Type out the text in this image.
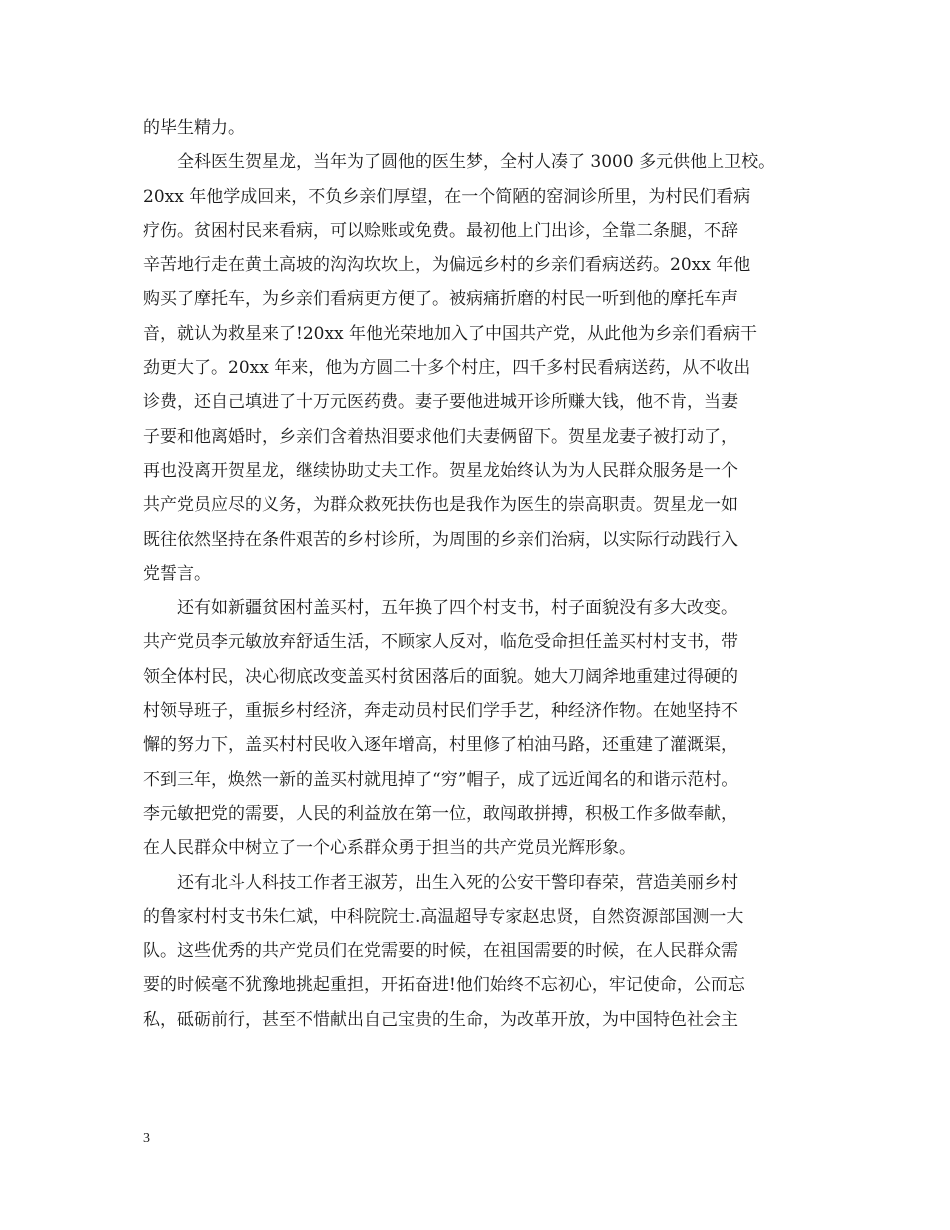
的毕生精力。
全科医生贺星龙，当年为了圆他的医生梦，全村人凑了 3000 多元供他上卫校。
20xx 年他学成回来，不负乡亲们厚望，在一个简陋的窑洞诊所里，为村民们看病
疗伤。贫困村民来看病，可以赊账或免费。最初他上门出诊，全靠二条腿，不辞
辛苦地行走在黄土高坡的沟沟坎坎上，为偏远乡村的乡亲们看病送药。20xx 年他
购买了摩托车，为乡亲们看病更方便了。被病痛折磨的村民一听到他的摩托车声
音，就认为救星来了!20xx 年他光荣地加入了中国共产党，从此他为乡亲们看病干
劲更大了。20xx 年来，他为方圆二十多个村庄，四千多村民看病送药，从不收出
诊费，还自己填进了十万元医药费。妻子要他进城开诊所赚大钱，他不肯，当妻
子要和他离婚时，乡亲们含着热泪要求他们夫妻俩留下。贺星龙妻子被打动了，
再也没离开贺星龙，继续协助丈夫工作。贺星龙始终认为为人民群众服务是一个
共产党员应尽的义务，为群众救死扶伤也是我作为医生的崇高职责。贺星龙一如
既往依然坚持在条件艰苦的乡村诊所，为周围的乡亲们治病，以实际行动践行入
党誓言。
还有如新疆贫困村盖买村，五年换了四个村支书，村子面貌没有多大改变。
共产党员李元敏放弃舒适生活，不顾家人反对，临危受命担任盖买村村支书，带
领全体村民，决心彻底改变盖买村贫困落后的面貌。她大刀阔斧地重建过得硬的
村领导班子，重振乡村经济，奔走动员村民们学手艺，种经济作物。在她坚持不
懈的努力下，盖买村村民收入逐年增高，村里修了柏油马路，还重建了灌溉渠，
不到三年，焕然一新的盖买村就甩掉了“穷”帽子，成了远近闻名的和谐示范村。
李元敏把党的需要，人民的利益放在第一位，敢闯敢拼搏，积极工作多做奉献，
在人民群众中树立了一个心系群众勇于担当的共产党员光辉形象。
还有北斗人科技工作者王淑芳，出生入死的公安干警印春荣，营造美丽乡村
的鲁家村村支书朱仁斌，中科院院士.高温超导专家赵忠贤，自然资源部国测一大
队。这些优秀的共产党员们在党需要的时候，在祖国需要的时候，在人民群众需
要的时候毫不犹豫地挑起重担，开拓奋进!他们始终不忘初心，牢记使命，公而忘
私，砥砺前行，甚至不惜献出自己宝贵的生命，为改革开放，为中国特色社会主
3
